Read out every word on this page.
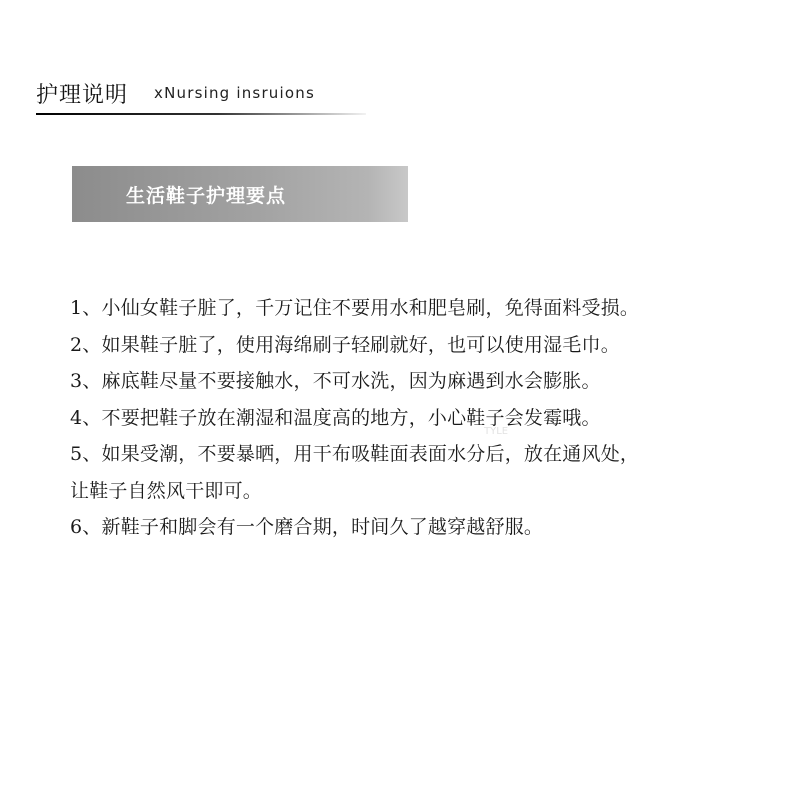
护理说明 xNursing insruions
生活鞋子护理要点
1、小仙女鞋子脏了，千万记住不要用水和肥皂刷，免得面料受损。
2、如果鞋子脏了，使用海绵刷子轻刷就好，也可以使用湿毛巾。
3、麻底鞋尽量不要接触水，不可水洗，因为麻遇到水会膨胀。
4、不要把鞋子放在潮湿和温度高的地方，小心鞋子会发霉哦。
5、如果受潮，不要暴晒，用干布吸鞋面表面水分后，放在通风处，
让鞋子自然风干即可。
6、新鞋子和脚会有一个磨合期，时间久了越穿越舒服。
TYLE
